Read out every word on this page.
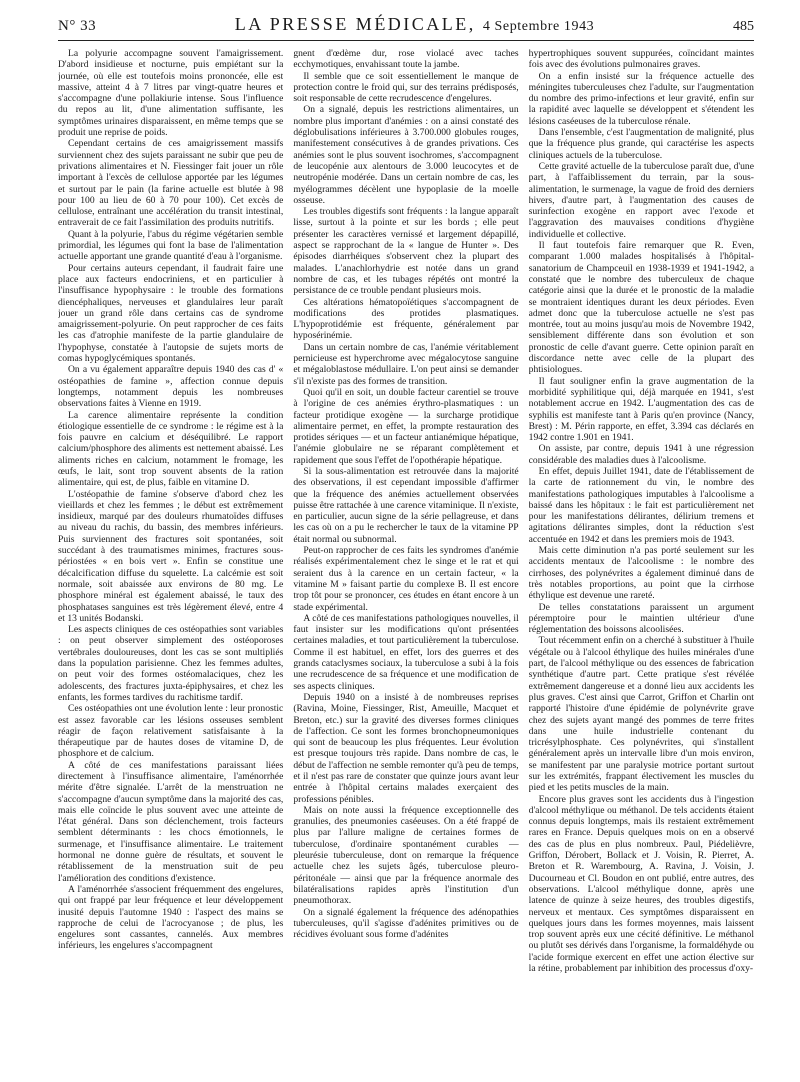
N° 33	LA PRESSE MÉDICALE, 4 Septembre 1943	485

La polyurie accompagne souvent l'amaigrissement. D'abord insidieuse et nocturne, puis empiétant sur la journée, où elle est toutefois moins prononcée, elle est massive, atteint 4 à 7 litres par vingt-quatre heures et s'accompagne d'une pollakiurie intense. Sous l'influence du repos au lit, d'une alimentation suffisante, les symptômes urinaires disparaissent, en même temps que se produit une reprise de poids.

Cependant certains de ces amaigrissement massifs surviennent chez des sujets paraissant ne subir que peu de privations alimentaires et N. Fiessinger fait jouer un rôle important à l'excès de cellulose apportée par les légumes et surtout par le pain (la farine actuelle est blutée à 98 pour 100 au lieu de 60 à 70 pour 100). Cet excès de cellulose, entraînant une accélération du transit intestinal, entraverait de ce fait l'assimilation des produits nutritifs.

Quant à la polyurie, l'abus du régime végétarien semble primordial, les légumes qui font la base de l'alimentation actuelle apportant une grande quantité d'eau à l'organisme.

Pour certains auteurs cependant, il faudrait faire une place aux facteurs endocriniens, et en particulier à l'insuffisance hypophysaire : le trouble des formations diencéphaliques, nerveuses et glandulaires leur paraît jouer un grand rôle dans certains cas de syndrome amaigrissement-polyurie. On peut rapprocher de ces faits les cas d'atrophie manifeste de la partie glandulaire de l'hypophyse, constatée à l'autopsie de sujets morts de comas hypoglycémiques spontanés.

On a vu également apparaître depuis 1940 des cas d' « ostéopathies de famine », affection connue depuis longtemps, notamment depuis les nombreuses observations faites à Vienne en 1919.

La carence alimentaire représente la condition étiologique essentielle de ce syndrome : le régime est à la fois pauvre en calcium et déséquilibré. Le rapport calcium/phosphore des aliments est nettement abaissé. Les aliments riches en calcium, notamment le fromage, les œufs, le lait, sont trop souvent absents de la ration alimentaire, qui est, de plus, faible en vitamine D.

L'ostéopathie de famine s'observe d'abord chez les vieillards et chez les femmes ; le début est extrêmement insidieux, marqué par des douleurs rhumatoïdes diffuses au niveau du rachis, du bassin, des membres inférieurs. Puis surviennent des fractures soit spontanées, soit succédant à des traumatismes minimes, fractures sous-périostées « en bois vert ». Enfin se constitue une décalcification diffuse du squelette. La calcémie est soit normale, soit abaissée aux environs de 80 mg. Le phosphore minéral est également abaissé, le taux des phosphatases sanguines est très légèrement élevé, entre 4 et 13 unités Bodanski.

Les aspects cliniques de ces ostéopathies sont variables : on peut observer simplement des ostéoporoses vertébrales douloureuses, dont les cas se sont multipliés dans la population parisienne. Chez les femmes adultes, on peut voir des formes ostéomalaciques, chez les adolescents, des fractures juxta-épiphysaires, et chez les enfants, les formes tardives du rachitisme tardif.

Ces ostéopathies ont une évolution lente : leur pronostic est assez favorable car les lésions osseuses semblent réagir de façon relativement satisfaisante à la thérapeutique par de hautes doses de vitamine D, de phosphore et de calcium.

A côté de ces manifestations paraissant liées directement à l'insuffisance alimentaire, l'aménorrhée mérite d'être signalée. L'arrêt de la menstruation ne s'accompagne d'aucun symptôme dans la majorité des cas, mais elle coïncide le plus souvent avec une atteinte de l'état général. Dans son déclenchement, trois facteurs semblent déterminants : les chocs émotionnels, le surmenage, et l'insuffisance alimentaire. Le traitement hormonal ne donne guère de résultats, et souvent le rétablissement de la menstruation suit de peu l'amélioration des conditions d'existence.

A l'aménorrhée s'associent fréquemment des engelures, qui ont frappé par leur fréquence et leur développement inusité depuis l'automne 1940 : l'aspect des mains se rapproche de celui de l'acrocyanose ; de plus, les engelures sont cassantes, cannelés. Aux membres inférieurs, les engelures s'accompagnent

gnent d'œdème dur, rose violacé avec taches ecchymotiques, envahissant toute la jambe.

Il semble que ce soit essentiellement le manque de protection contre le froid qui, sur des terrains prédisposés, soit responsable de cette recrudescence d'engelures.

On a signalé, depuis les restrictions alimentaires, un nombre plus important d'anémies : on a ainsi constaté des déglobulisations inférieures à 3.700.000 globules rouges, manifestement consécutives à de grandes privations. Ces anémies sont le plus souvent isochromes, s'accompagnent de leucopénie aux alentours de 3.000 leucocytes et de neutropénie modérée. Dans un certain nombre de cas, les myélogrammes décèlent une hypoplasie de la moelle osseuse.

Les troubles digestifs sont fréquents : la langue apparaît lisse, surtout à la pointe et sur les bords ; elle peut présenter les caractères vernissé et largement dépapillé, aspect se rapprochant de la « langue de Hunter ». Des épisodes diarrhéiques s'observent chez la plupart des malades. L'anachlorhydrie est notée dans un grand nombre de cas, et les tubages répétés ont montré la persistance de ce trouble pendant plusieurs mois.

Ces altérations hématopoïétiques s'accompagnent de modifications des protides plasmatiques. L'hypoprotidémie est fréquente, généralement par hyposérinémie.

Dans un certain nombre de cas, l'anémie véritablement pernicieuse est hyperchrome avec mégalocytose sanguine et mégaloblastose médullaire. L'on peut ainsi se demander s'il n'existe pas des formes de transition.

Quoi qu'il en soit, un double facteur carentiel se trouve à l'origine de ces anémies érythro-plasmatiques : un facteur protidique exogène — la surcharge protidique alimentaire permet, en effet, la prompte restauration des protides sériques — et un facteur antianémique hépatique, l'anémie globulaire ne se réparant complètement et rapidement que sous l'effet de l'opothérapie hépatique.

Si la sous-alimentation est retrouvée dans la majorité des observations, il est cependant impossible d'affirmer que la fréquence des anémies actuellement observées puisse être rattachée à une carence vitaminique. Il n'existe, en particulier, aucun signe de la série pellagreuse, et dans les cas où on a pu le rechercher le taux de la vitamine PP était normal ou subnormal.

Peut-on rapprocher de ces faits les syndromes d'anémie réalisés expérimentalement chez le singe et le rat et qui seraient dus à la carence en un certain facteur, « la vitamine M » faisant partie du complexe B. Il est encore trop tôt pour se prononcer, ces études en étant encore à un stade expérimental.

A côté de ces manifestations pathologiques nouvelles, il faut insister sur les modifications qu'ont présentées certaines maladies, et tout particulièrement la tuberculose. Comme il est habituel, en effet, lors des guerres et des grands cataclysmes sociaux, la tuberculose a subi à la fois une recrudescence de sa fréquence et une modification de ses aspects cliniques.

Depuis 1940 on a insisté à de nombreuses reprises (Ravina, Moine, Fiessinger, Rist, Ameuille, Macquet et Breton, etc.) sur la gravité des diverses formes cliniques de l'affection. Ce sont les formes bronchopneumoniques qui sont de beaucoup les plus fréquentes. Leur évolution est presque toujours très rapide. Dans nombre de cas, le début de l'affection ne semble remonter qu'à peu de temps, et il n'est pas rare de constater que quinze jours avant leur entrée à l'hôpital certains malades exerçaient des professions pénibles.

Mais on note aussi la fréquence exceptionnelle des granulies, des pneumonies caséeuses. On a été frappé de plus par l'allure maligne de certaines formes de tuberculose, d'ordinaire spontanément curables — pleurésie tuberculeuse, dont on remarque la fréquence actuelle chez les sujets âgés, tuberculose pleuro-péritonéale — ainsi que par la fréquence anormale des bilatéralisations rapides après l'institution d'un pneumothorax.

On a signalé également la fréquence des adénopathies tuberculeuses, qu'il s'agisse d'adénites primitives ou de récidives évoluant sous forme d'adénites

hypertrophiques souvent suppurées, coïncidant maintes fois avec des évolutions pulmonaires graves.

On a enfin insisté sur la fréquence actuelle des méningites tuberculeuses chez l'adulte, sur l'augmentation du nombre des primo-infections et leur gravité, enfin sur la rapidité avec laquelle se développent et s'étendent les lésions caséeuses de la tuberculose rénale.

Dans l'ensemble, c'est l'augmentation de malignité, plus que la fréquence plus grande, qui caractérise les aspects cliniques actuels de la tuberculose.

Cette gravité actuelle de la tuberculose paraît due, d'une part, à l'affaiblissement du terrain, par la sous-alimentation, le surmenage, la vague de froid des derniers hivers, d'autre part, à l'augmentation des causes de surinfection exogène en rapport avec l'exode et l'aggravation des mauvaises conditions d'hygiène individuelle et collective.

Il faut toutefois faire remarquer que R. Even, comparant 1.000 malades hospitalisés à l'hôpital-sanatorium de Champceuil en 1938-1939 et 1941-1942, a constaté que le nombre des tuberculeux de chaque catégorie ainsi que la durée et le pronostic de la maladie se montraient identiques durant les deux périodes. Even admet donc que la tuberculose actuelle ne s'est pas montrée, tout au moins jusqu'au mois de Novembre 1942, sensiblement différente dans son évolution et son pronostic de celle d'avant guerre. Cette opinion paraît en discordance nette avec celle de la plupart des phtisiologues.

Il faut souligner enfin la grave augmentation de la morbidité syphilitique qui, déjà marquée en 1941, s'est notablement accrue en 1942. L'augmentation des cas de syphilis est manifeste tant à Paris qu'en province (Nancy, Brest) : M. Périn rapporte, en effet, 3.394 cas déclarés en 1942 contre 1.901 en 1941.

On assiste, par contre, depuis 1941 à une régression considérable des maladies dues à l'alcoolisme.

En effet, depuis Juillet 1941, date de l'établissement de la carte de rationnement du vin, le nombre des manifestations pathologiques imputables à l'alcoolisme a baissé dans les hôpitaux : le fait est particulièrement net pour les manifestations délirantes, délirium tremens et agitations délirantes simples, dont la réduction s'est accentuée en 1942 et dans les premiers mois de 1943.

Mais cette diminution n'a pas porté seulement sur les accidents mentaux de l'alcoolisme : le nombre des cirrhoses, des polynévrites a également diminué dans de très notables proportions, au point que la cirrhose éthylique est devenue une rareté.

De telles constatations paraissent un argument péremptoire pour le maintien ultérieur d'une réglementation des boissons alcoolisées.

Tout récemment enfin on a cherché à substituer à l'huile végétale ou à l'alcool éthylique des huiles minérales d'une part, de l'alcool méthylique ou des essences de fabrication synthétique d'autre part. Cette pratique s'est révélée extrêmement dangereuse et a donné lieu aux accidents les plus graves. C'est ainsi que Carrot, Griffon et Charlin ont rapporté l'histoire d'une épidémie de polynévrite grave chez des sujets ayant mangé des pommes de terre frites dans une huile industrielle contenant du tricrésylphosphate. Ces polynévrites, qui s'installent généralement après un intervalle libre d'un mois environ, se manifestent par une paralysie motrice portant surtout sur les extrémités, frappant électivement les muscles du pied et les petits muscles de la main.

Encore plus graves sont les accidents dus à l'ingestion d'alcool méthylique ou méthanol. De tels accidents étaient connus depuis longtemps, mais ils restaient extrêmement rares en France. Depuis quelques mois on en a observé des cas de plus en plus nombreux. Paul, Piédelièvre, Griffon, Dérobert, Bollack et J. Voisin, R. Pierret, A. Breton et R. Warembourg, A. Ravina, J. Voisin, J. Ducourneau et Cl. Boudon en ont publié, entre autres, des observations. L'alcool méthylique donne, après une latence de quinze à seize heures, des troubles digestifs, nerveux et mentaux. Ces symptômes disparaissent en quelques jours dans les formes moyennes, mais laissent trop souvent après eux une cécité définitive. Le méthanol ou plutôt ses dérivés dans l'organisme, la formaldéhyde ou l'acide formique exercent en effet une action élective sur la rétine, probablement par inhibition des processus d'oxy-
